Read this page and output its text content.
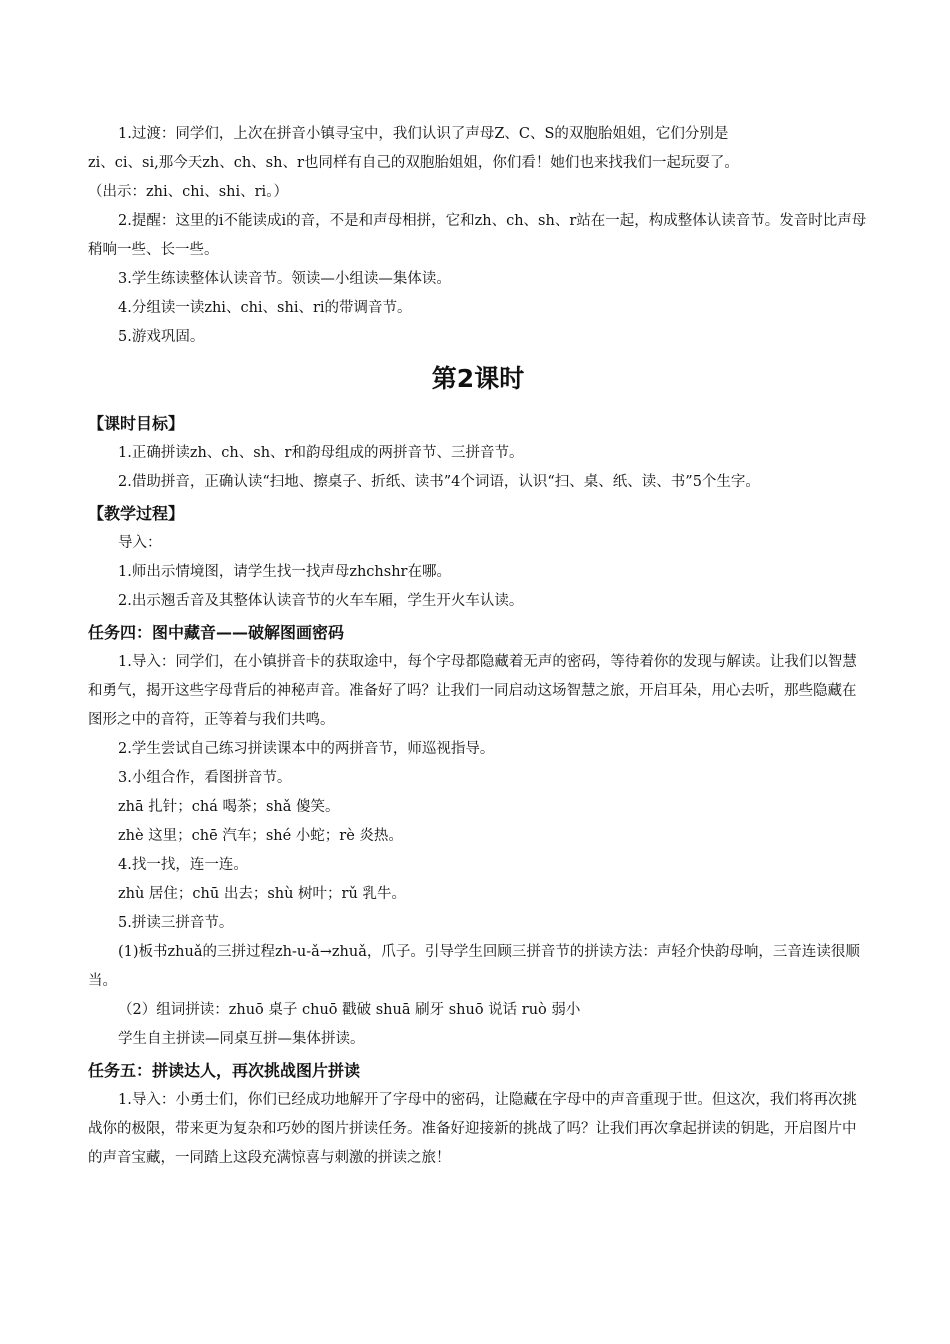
1.过渡：同学们，上次在拼音小镇寻宝中，我们认识了声母Z、C、S的双胞胎姐姐，它们分别是

zi、ci、si,那今天zh、ch、sh、r也同样有自己的双胞胎姐姐，你们看！她们也来找我们一起玩耍了。

（出示：zhi、chi、shi、ri。）

2.提醒：这里的i不能读成i的音，不是和声母相拼，它和zh、ch、sh、r站在一起，构成整体认读音节。发音时比声母稍响一些、长一些。

3.学生练读整体认读音节。领读—小组读—集体读。

4.分组读一读zhi、chi、shi、ri的带调音节。

5.游戏巩固。

第2课时
【课时目标】

1.正确拼读zh、ch、sh、r和韵母组成的两拼音节、三拼音节。

2.借助拼音，正确认读“扫地、擦桌子、折纸、读书”4个词语，认识“扫、桌、纸、读、书”5个生字。

【教学过程】

导入：

1.师出示情境图，请学生找一找声母zhchshr在哪。

2.出示翘舌音及其整体认读音节的火车车厢，学生开火车认读。

任务四：图中藏音——破解图画密码

1.导入：同学们，在小镇拼音卡的获取途中，每个字母都隐藏着无声的密码，等待着你的发现与解读。让我们以智慧和勇气，揭开这些字母背后的神秘声音。准备好了吗？让我们一同启动这场智慧之旅，开启耳朵，用心去听，那些隐藏在图形之中的音符，正等着与我们共鸣。

2.学生尝试自己练习拼读课本中的两拼音节，师巡视指导。

3.小组合作，看图拼音节。

zhā 扎针；chá 喝茶；shǎ 傻笑。

zhè 这里；chē 汽车；shé 小蛇；rè 炎热。

4.找一找，连一连。

zhù 居住；chū 出去；shù 树叶；rǔ 乳牛。

5.拼读三拼音节。

(1)板书zhuǎ的三拼过程zh-u-ǎ→zhuǎ，爪子。引导学生回顾三拼音节的拼读方法：声轻介快韵母响，三音连读很顺当。

（2）组词拼读：zhuō 桌子 chuō 戳破 shuā 刷牙 shuō 说话 ruò 弱小

学生自主拼读—同桌互拼—集体拼读。

任务五：拼读达人，再次挑战图片拼读

1.导入：小勇士们，你们已经成功地解开了字母中的密码，让隐藏在字母中的声音重现于世。但这次，我们将再次挑战你的极限，带来更为复杂和巧妙的图片拼读任务。准备好迎接新的挑战了吗？让我们再次拿起拼读的钥匙，开启图片中的声音宝藏，一同踏上这段充满惊喜与刺激的拼读之旅！
